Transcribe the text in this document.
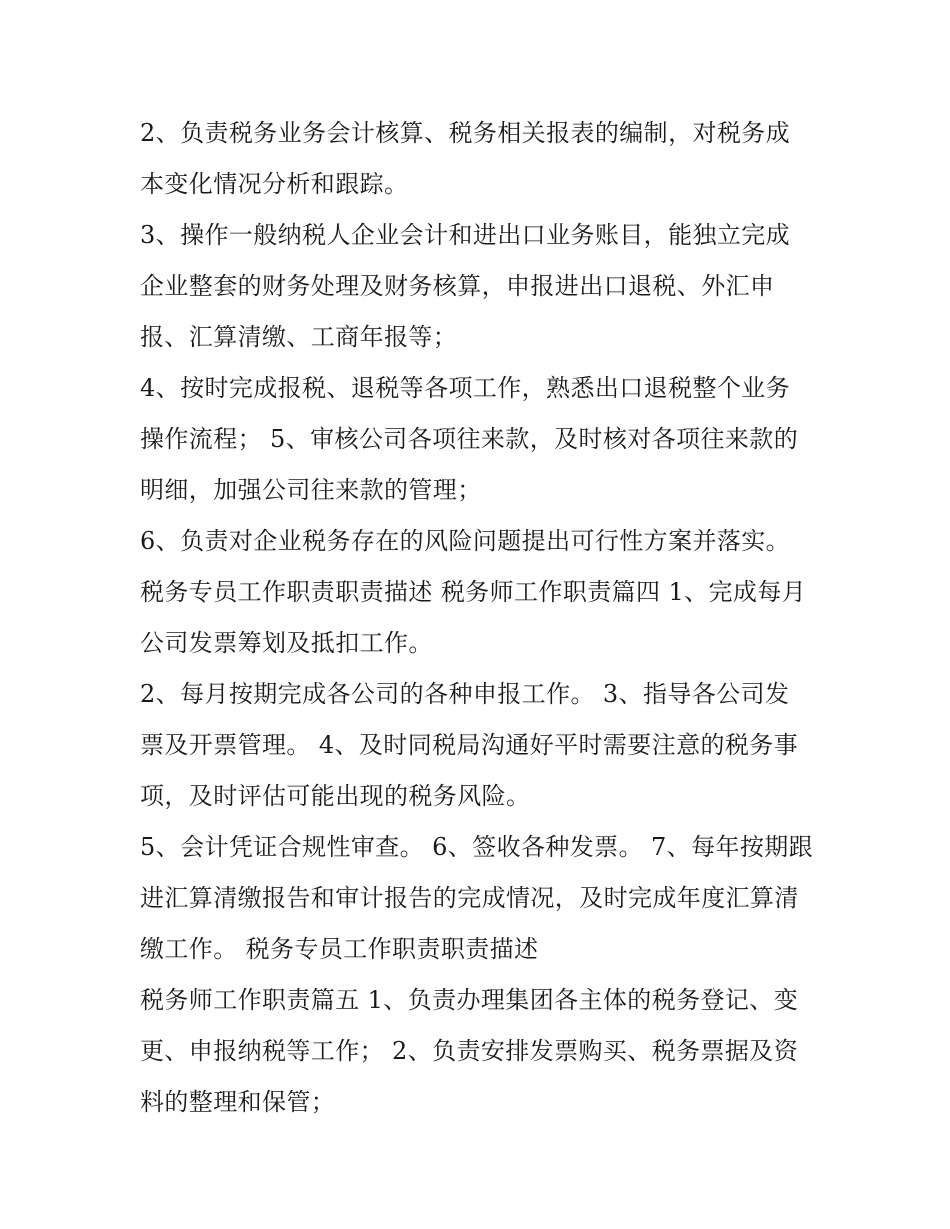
2、负责税务业务会计核算、税务相关报表的编制，对税务成
本变化情况分析和跟踪。
3、操作一般纳税人企业会计和进出口业务账目，能独立完成
企业整套的财务处理及财务核算，申报进出口退税、外汇申
报、汇算清缴、工商年报等；
4、按时完成报税、退税等各项工作，熟悉出口退税整个业务
操作流程； 5、审核公司各项往来款，及时核对各项往来款的
明细，加强公司往来款的管理；
6、负责对企业税务存在的风险问题提出可行性方案并落实。
税务专员工作职责职责描述 税务师工作职责篇四 1、完成每月
公司发票筹划及抵扣工作。
2、每月按期完成各公司的各种申报工作。 3、指导各公司发
票及开票管理。 4、及时同税局沟通好平时需要注意的税务事
项，及时评估可能出现的税务风险。
5、会计凭证合规性审查。 6、签收各种发票。 7、每年按期跟
进汇算清缴报告和审计报告的完成情况，及时完成年度汇算清
缴工作。 税务专员工作职责职责描述
税务师工作职责篇五 1、负责办理集团各主体的税务登记、变
更、申报纳税等工作； 2、负责安排发票购买、税务票据及资
料的整理和保管；
